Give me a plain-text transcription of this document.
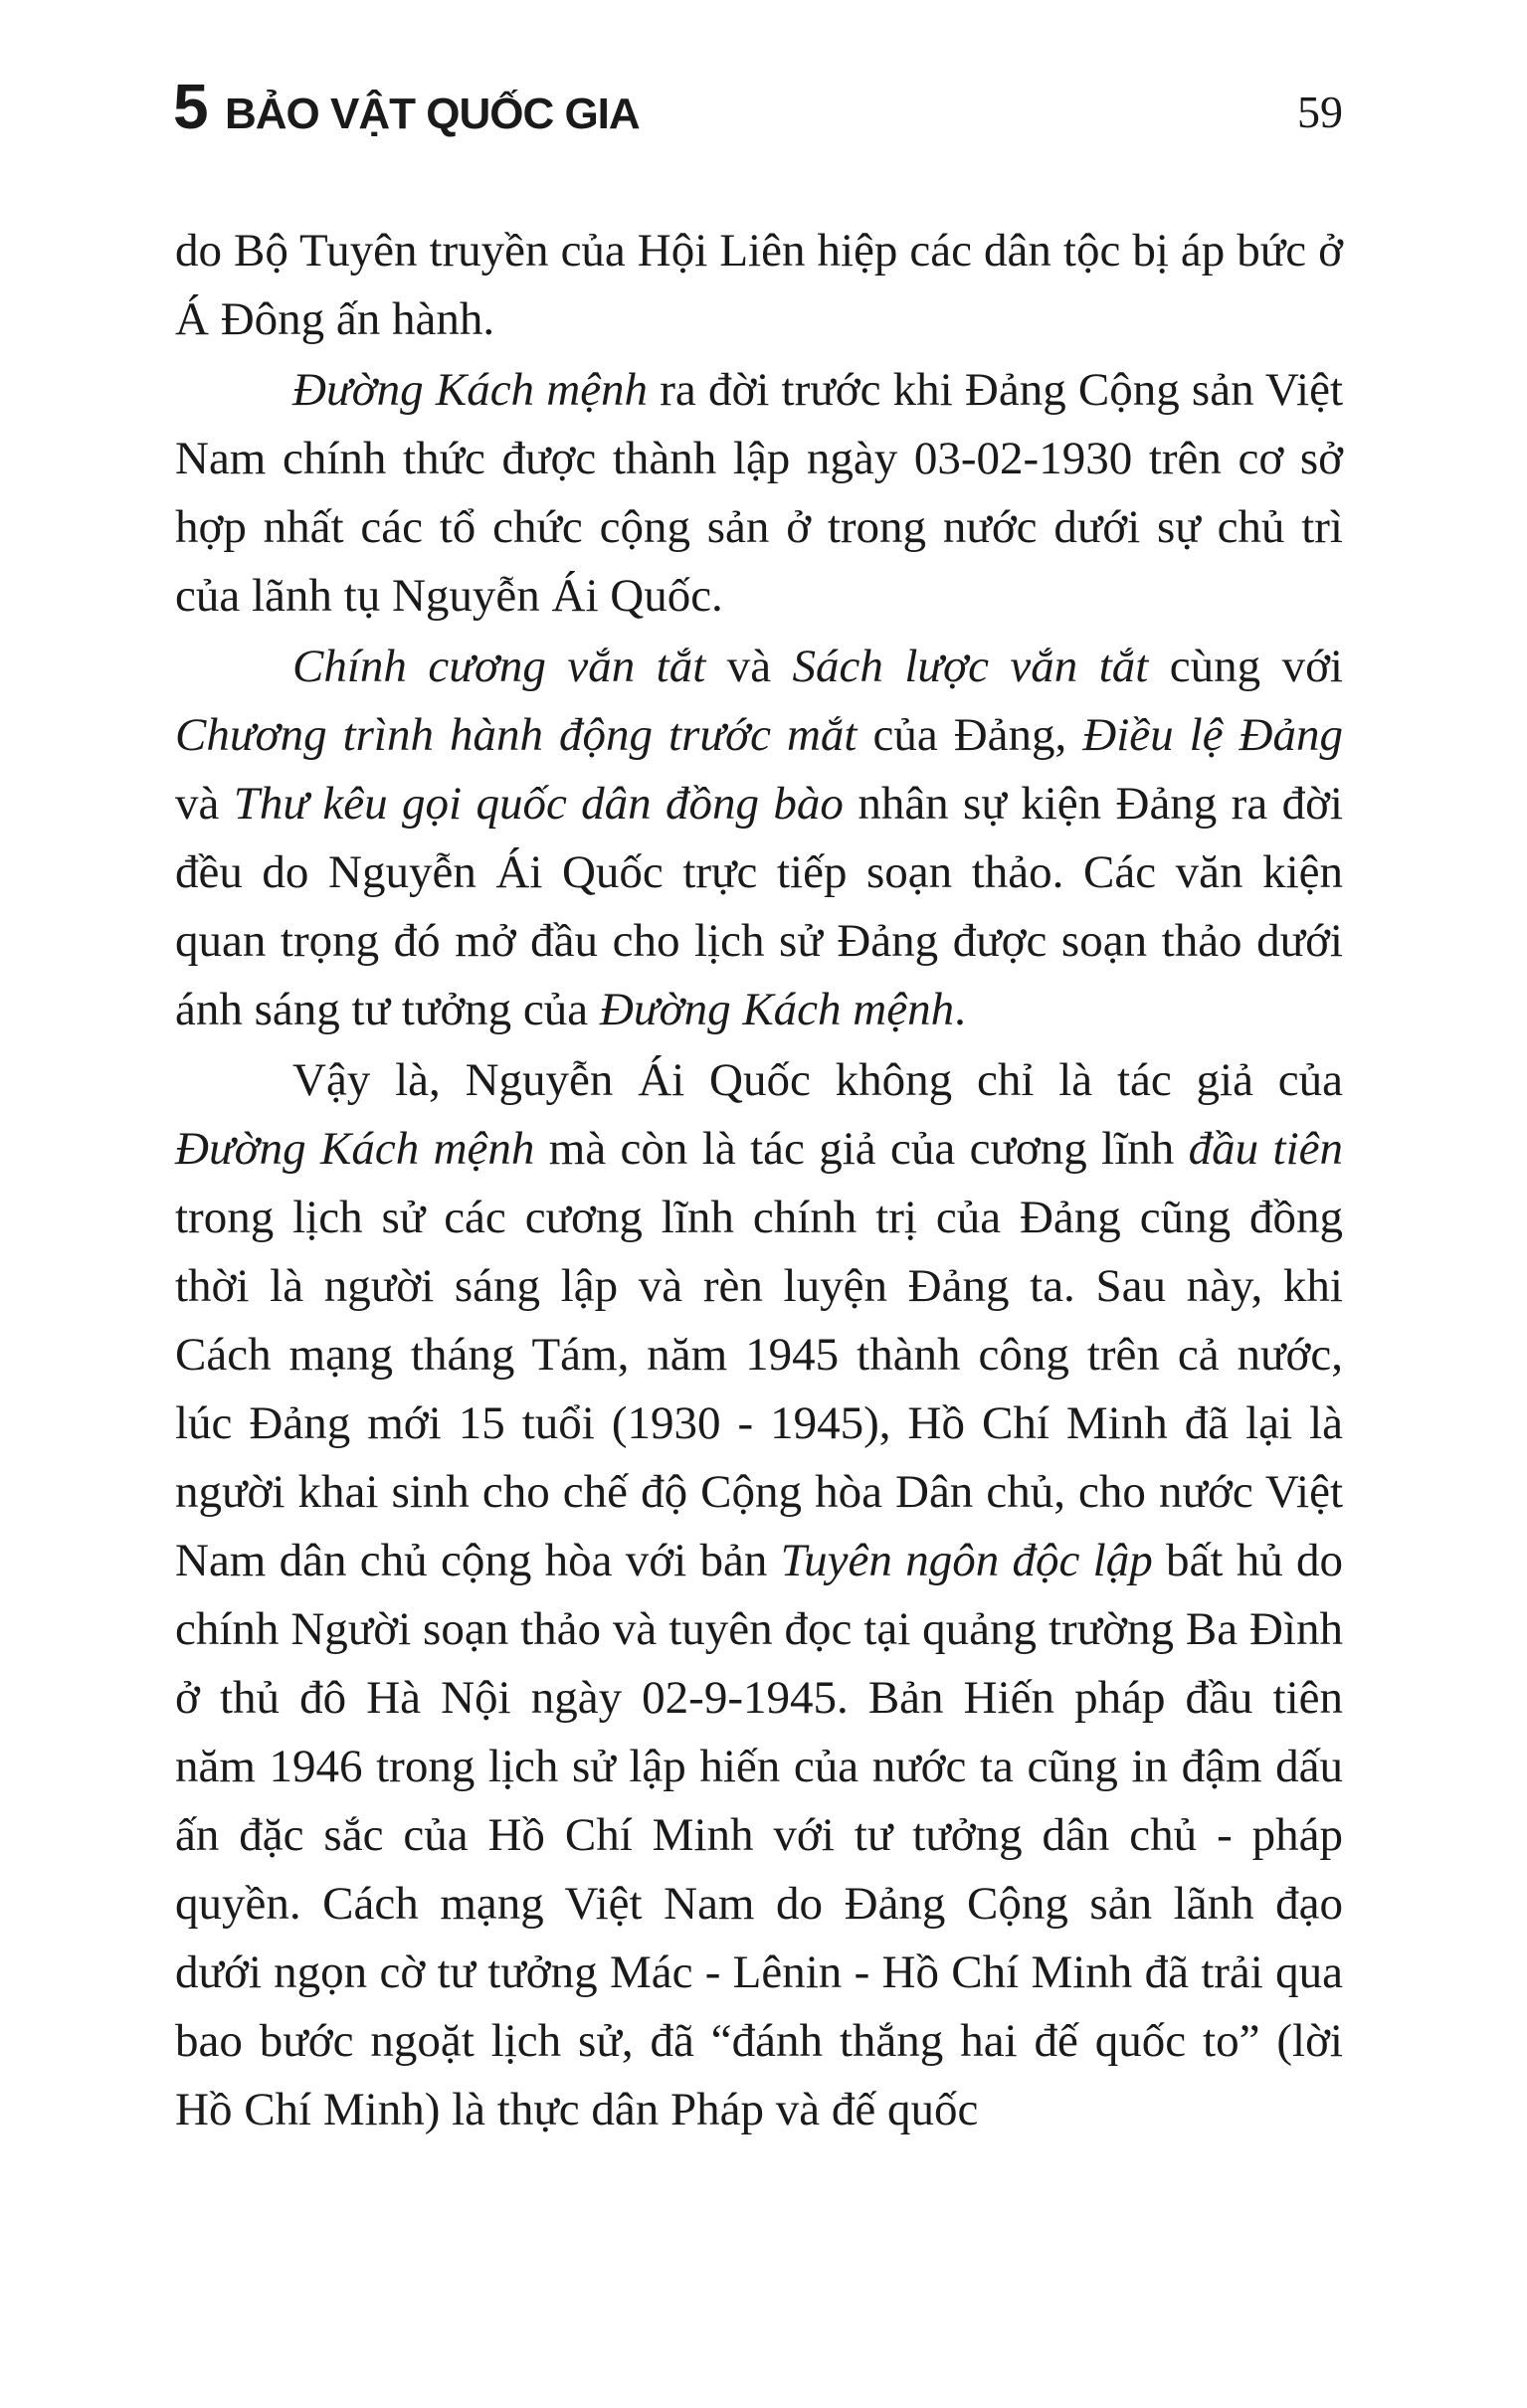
5 BẢO VẬT QUỐC GIA	59

do Bộ Tuyên truyền của Hội Liên hiệp các dân tộc bị áp bức ở Á Đông ấn hành.

Đường Kách mệnh ra đời trước khi Đảng Cộng sản Việt Nam chính thức được thành lập ngày 03-02-1930 trên cơ sở hợp nhất các tổ chức cộng sản ở trong nước dưới sự chủ trì của lãnh tụ Nguyễn Ái Quốc.

Chính cương vắn tắt và Sách lược vắn tắt cùng với Chương trình hành động trước mắt của Đảng, Điều lệ Đảng và Thư kêu gọi quốc dân đồng bào nhân sự kiện Đảng ra đời đều do Nguyễn Ái Quốc trực tiếp soạn thảo. Các văn kiện quan trọng đó mở đầu cho lịch sử Đảng được soạn thảo dưới ánh sáng tư tưởng của Đường Kách mệnh.

Vậy là, Nguyễn Ái Quốc không chỉ là tác giả của Đường Kách mệnh mà còn là tác giả của cương lĩnh đầu tiên trong lịch sử các cương lĩnh chính trị của Đảng cũng đồng thời là người sáng lập và rèn luyện Đảng ta. Sau này, khi Cách mạng tháng Tám, năm 1945 thành công trên cả nước, lúc Đảng mới 15 tuổi (1930 - 1945), Hồ Chí Minh đã lại là người khai sinh cho chế độ Cộng hòa Dân chủ, cho nước Việt Nam dân chủ cộng hòa với bản Tuyên ngôn độc lập bất hủ do chính Người soạn thảo và tuyên đọc tại quảng trường Ba Đình ở thủ đô Hà Nội ngày 02-9-1945. Bản Hiến pháp đầu tiên năm 1946 trong lịch sử lập hiến của nước ta cũng in đậm dấu ấn đặc sắc của Hồ Chí Minh với tư tưởng dân chủ - pháp quyền. Cách mạng Việt Nam do Đảng Cộng sản lãnh đạo dưới ngọn cờ tư tưởng Mác - Lênin - Hồ Chí Minh đã trải qua bao bước ngoặt lịch sử, đã “đánh thắng hai đế quốc to” (lời Hồ Chí Minh) là thực dân Pháp và đế quốc
